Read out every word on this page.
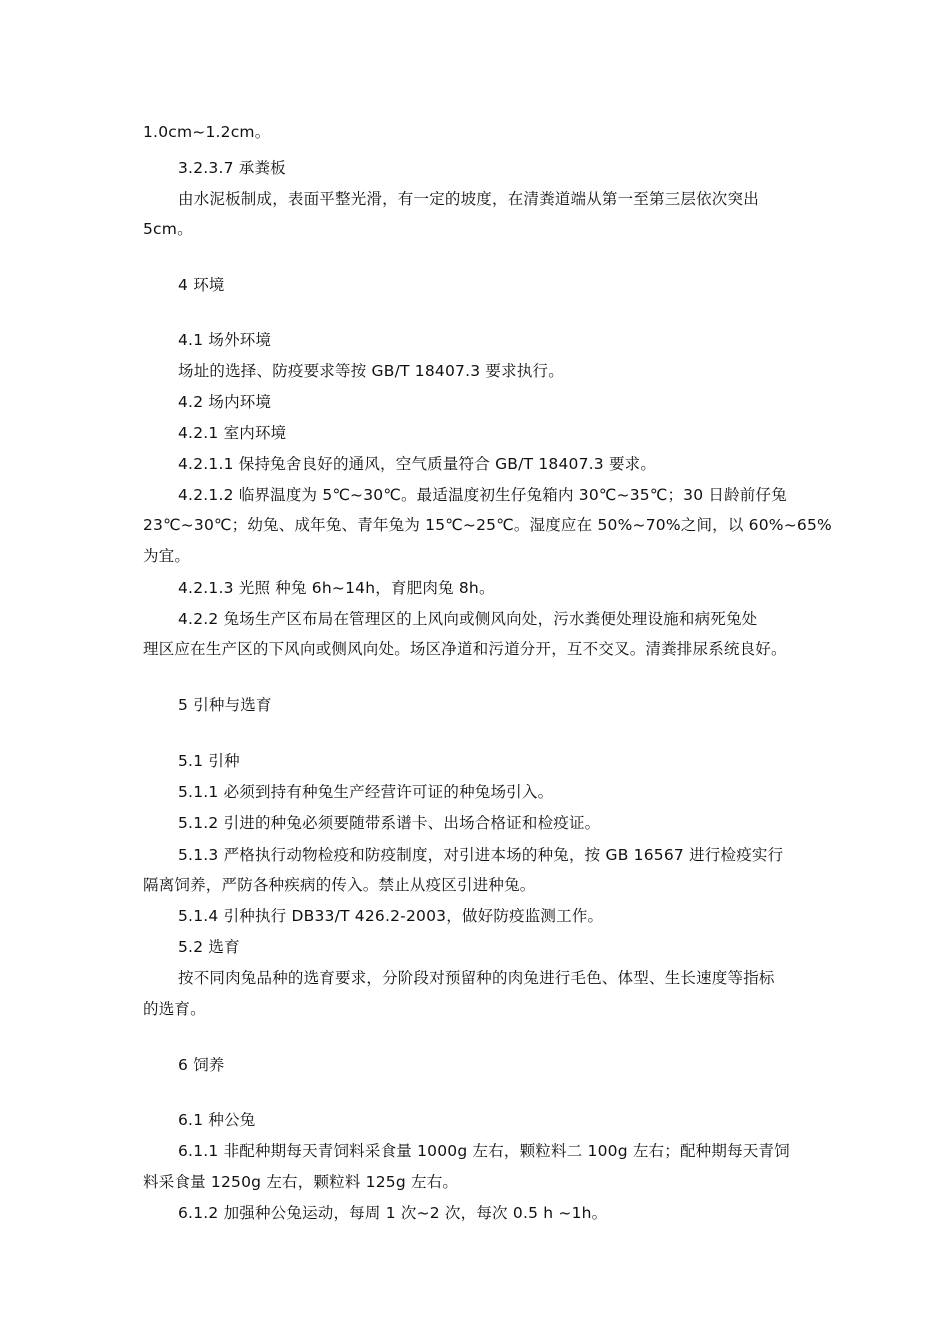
1.0cm~1.2cm。
3.2.3.7 承粪板
由水泥板制成，表面平整光滑，有一定的坡度，在清粪道端从第一至第三层依次突出
5cm。
4 环境
4.1 场外环境
场址的选择、防疫要求等按 GB/T 18407.3 要求执行。
4.2 场内环境
4.2.1 室内环境
4.2.1.1 保持兔舍良好的通风，空气质量符合 GB/T 18407.3 要求。
4.2.1.2 临界温度为 5℃~30℃。最适温度初生仔兔箱内 30℃~35℃；30 日龄前仔兔
23℃~30℃；幼兔、成年兔、青年兔为 15℃~25℃。湿度应在 50%~70%之间，以 60%~65%
为宜。
4.2.1.3 光照 种兔 6h~14h，育肥肉兔 8h。
4.2.2 兔场生产区布局在管理区的上风向或侧风向处，污水粪便处理设施和病死兔处
理区应在生产区的下风向或侧风向处。场区净道和污道分开，互不交叉。清粪排尿系统良好。
5 引种与选育
5.1 引种
5.1.1 必须到持有种兔生产经营许可证的种兔场引入。
5.1.2 引进的种兔必须要随带系谱卡、出场合格证和检疫证。
5.1.3 严格执行动物检疫和防疫制度，对引进本场的种兔，按 GB 16567 进行检疫实行
隔离饲养，严防各种疾病的传入。禁止从疫区引进种兔。
5.1.4 引种执行 DB33/T 426.2-2003，做好防疫监测工作。
5.2 选育
按不同肉兔品种的选育要求，分阶段对预留种的肉兔进行毛色、体型、生长速度等指标
的选育。
6 饲养
6.1 种公兔
6.1.1 非配种期每天青饲料采食量 1000g 左右，颗粒料二 100g 左右；配种期每天青饲
料采食量 1250g 左右，颗粒料 125g 左右。
6.1.2 加强种公兔运动，每周 1 次~2 次，每次 0.5 h ~1h。
